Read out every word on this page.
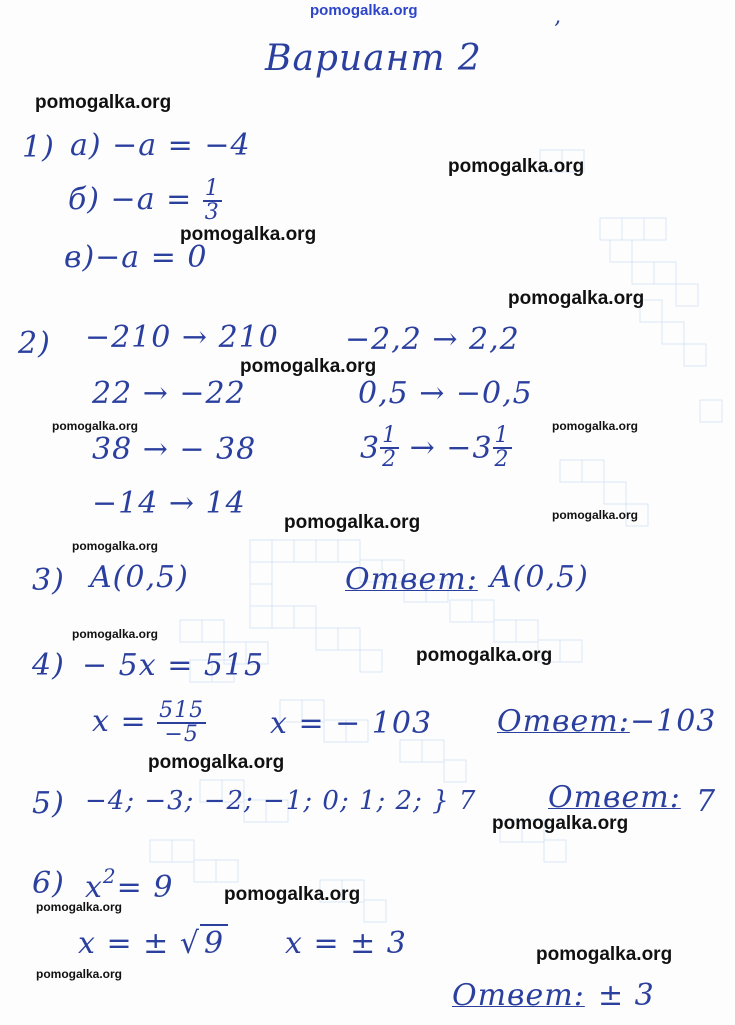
pomogalka.org
Вариант 2
ʼ
1) а) −а = −4
$б) -а = \frac{1}{3}$
в)−а = 0
2) −210 → 210
22 → −22
38 → − 38
−14 → 14
−2,2 → 2,2
0,5 → −0,5
$3 \frac{1}{2}$ → − $3 \frac{1}{2}$
3) A(0,5)	Ответ: A(0,5)
4) − 5x = 515
$x = \frac{515}{-5}$ x = − 103 Ответ: −103
5) −4; −3; −2; −1; 0; 1; 2; } 7 Ответ: 7
6) $x^2= 9$
x = ± √ 9 x = ± 3
Ответ: ± 3
pomogalka.org
pomogalka.org
pomogalka.org
pomogalka.org
pomogalka.org
pomogalka.org	pomogalka.org
pomogalka.org
pomogalka.org
pomogalka.org
pomogalka.org
pomogalka.org
pomogalka.org
pomogalka.org
pomogalka.org
pomogalka.org
pomogalka.org
pomogalka.org
